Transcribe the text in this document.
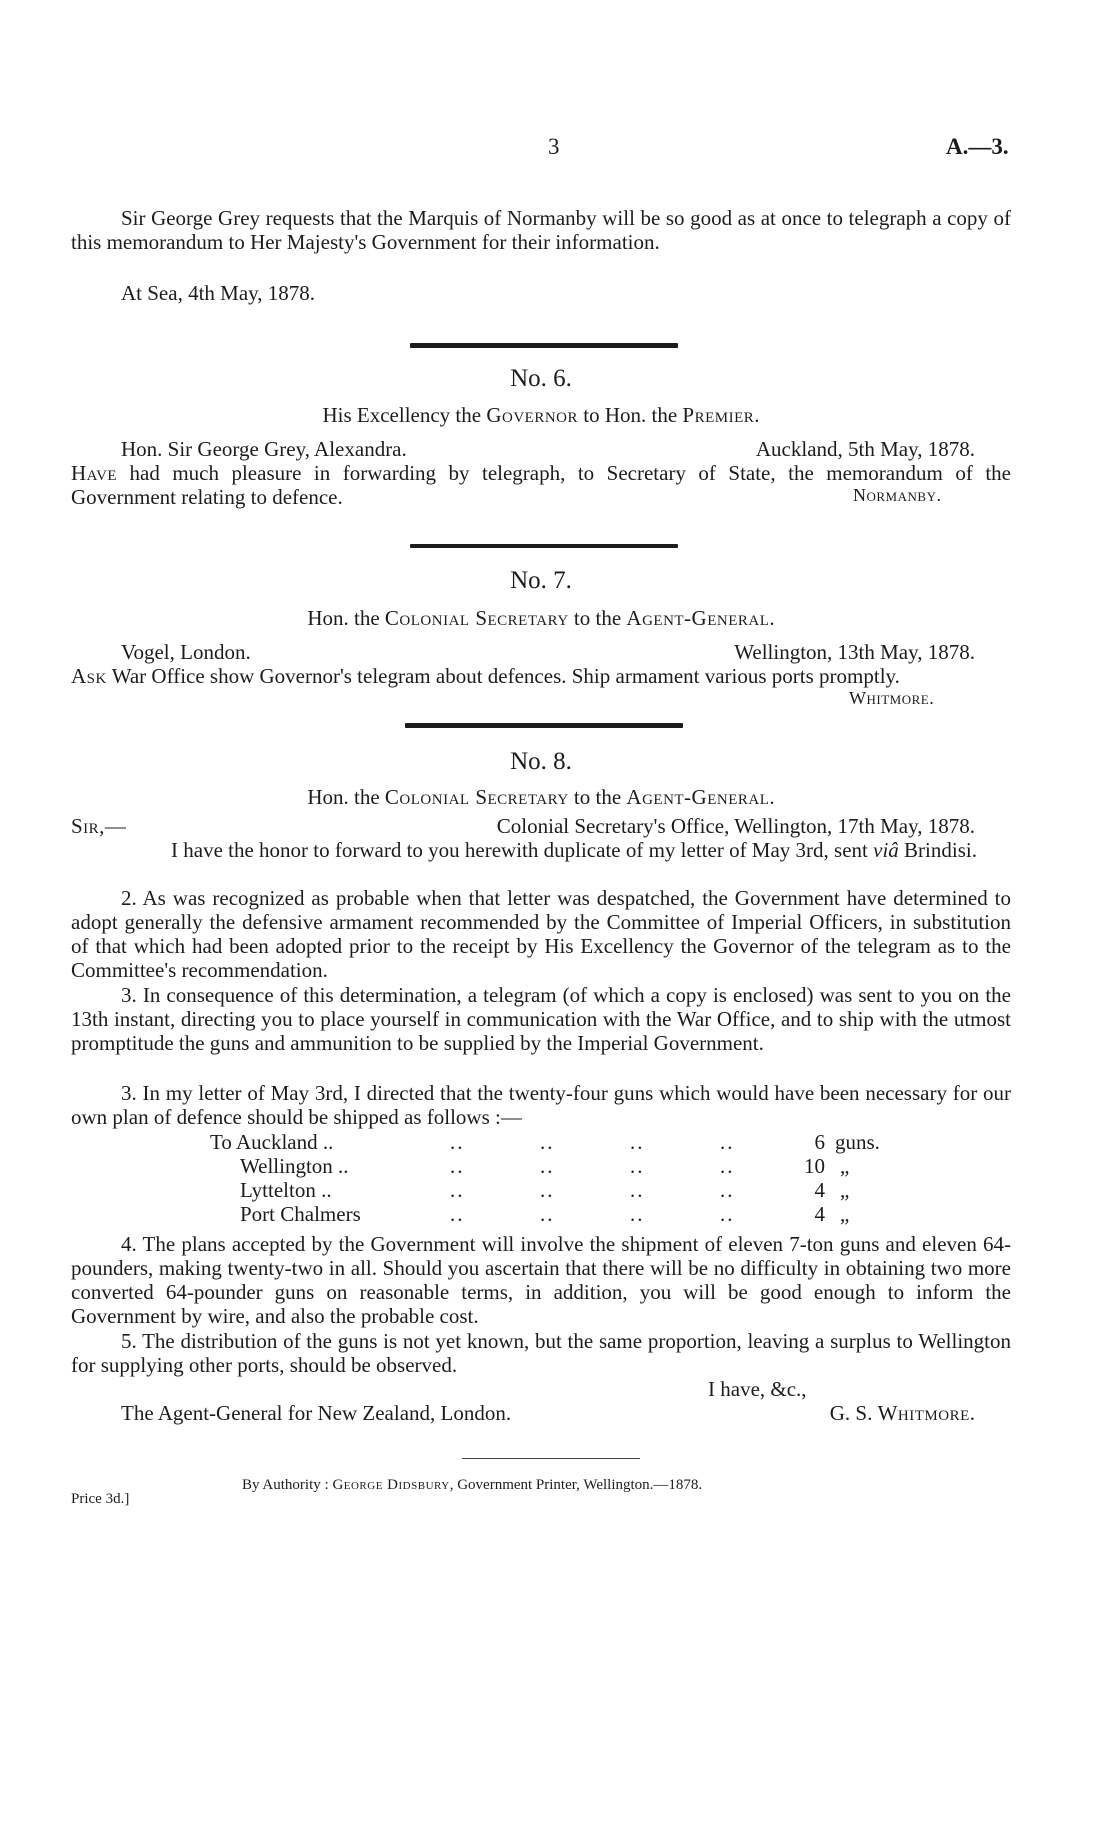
3	A.—3.
Sir George Grey requests that the Marquis of Normanby will be so good as at once to telegraph a copy of this memorandum to Her Majesty's Government for their information.
At Sea, 4th May, 1878.
No. 6.
His Excellency the Governor to Hon. the Premier.
Hon. Sir George Grey, Alexandra.	Auckland, 5th May, 1878.
Have had much pleasure in forwarding by telegraph, to Secretary of State, the memorandum of the Government relating to defence.	Normanby.
No. 7.
Hon. the Colonial Secretary to the Agent-General.
Vogel, London.	Wellington, 13th May, 1878.
Ask War Office show Governor's telegram about defences. Ship armament various ports promptly.
Whitmore.
No. 8.
Hon. the Colonial Secretary to the Agent-General.
Sir,—	Colonial Secretary's Office, Wellington, 17th May, 1878.
I have the honor to forward to you herewith duplicate of my letter of May 3rd, sent viâ Brindisi.
2. As was recognized as probable when that letter was despatched, the Government have determined to adopt generally the defensive armament recommended by the Committee of Imperial Officers, in substitution of that which had been adopted prior to the receipt by His Excellency the Governor of the telegram as to the Committee's recommendation.
3. In consequence of this determination, a telegram (of which a copy is enclosed) was sent to you on the 13th instant, directing you to place yourself in communication with the War Office, and to ship with the utmost promptitude the guns and ammunition to be supplied by the Imperial Government.
3. In my letter of May 3rd, I directed that the twenty-four guns which would have been necessary for our own plan of defence should be shipped as follows :—
To Auckland ..	..	..	..	..	6 guns.
Wellington ..	..	..	..	..	10 „
Lyttelton ..	..	..	..	..	4 „
Port Chalmers	..	..	..	..	4 „
4. The plans accepted by the Government will involve the shipment of eleven 7-ton guns and eleven 64-pounders, making twenty-two in all. Should you ascertain that there will be no difficulty in obtaining two more converted 64-pounder guns on reasonable terms, in addition, you will be good enough to inform the Government by wire, and also the probable cost.
5. The distribution of the guns is not yet known, but the same proportion, leaving a surplus to Wellington for supplying other ports, should be observed.
I have, &c.,
The Agent-General for New Zealand, London.	G. S. Whitmore.
By Authority : George Didsbury, Government Printer, Wellington.—1878.
Price 3d.]
